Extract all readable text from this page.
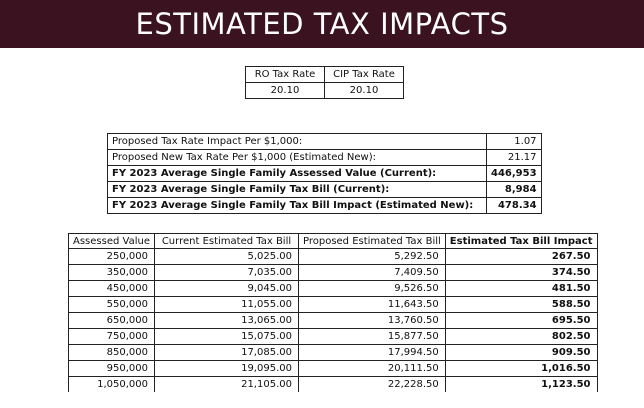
ESTIMATED TAX IMPACTS
RO Tax Rate	CIP Tax Rate
20.10	20.10
Proposed Tax Rate Impact Per $1,000:	1.07
Proposed New Tax Rate Per $1,000 (Estimated New):	21.17
FY 2023 Average Single Family Assessed Value (Current):	446,953
FY 2023 Average Single Family Tax Bill (Current):	8,984
FY 2023 Average Single Family Tax Bill Impact (Estimated New):	478.34
Assessed Value	Current Estimated Tax Bill	Proposed Estimated Tax Bill	Estimated Tax Bill Impact
250,000	5,025.00	5,292.50	267.50
350,000	7,035.00	7,409.50	374.50
450,000	9,045.00	9,526.50	481.50
550,000	11,055.00	11,643.50	588.50
650,000	13,065.00	13,760.50	695.50
750,000	15,075.00	15,877.50	802.50
850,000	17,085.00	17,994.50	909.50
950,000	19,095.00	20,111.50	1,016.50
1,050,000	21,105.00	22,228.50	1,123.50
